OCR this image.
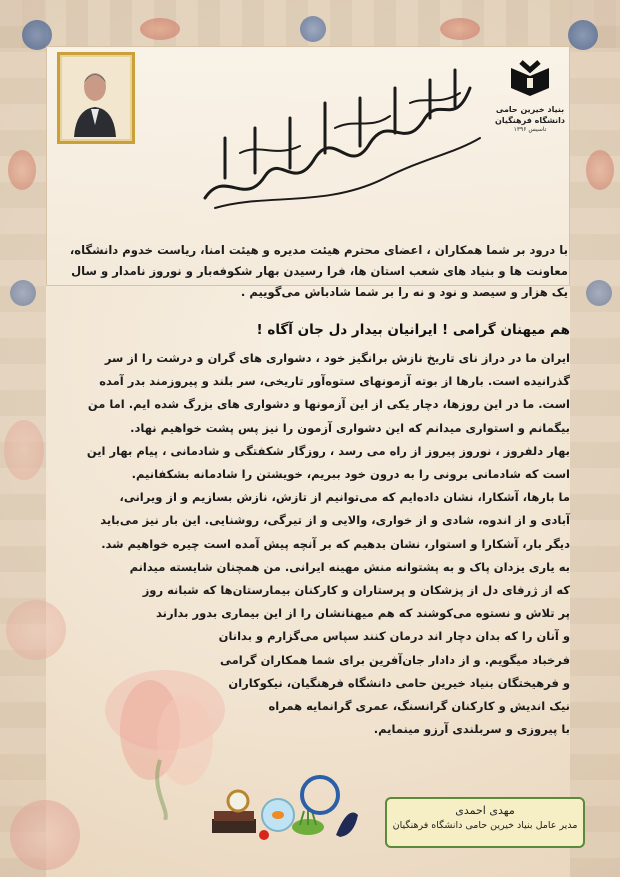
بنیاد خیرین حامی دانشگاه فرهنگیان
تاسیس ۱۳۹۶

با درود بر شما همکاران ، اعضای محترم هیئت مدیره و هیئت امنا، ریاست خدوم دانشگاه،

معاونت ها و بنیاد های شعب استان ها، فرا رسیدن بهار شکوفه‌بار و نوروز نامدار و سال

یک هزار و سیصد و نود و نه را بر شما شادباش می‌گوییم .

هم میهنان گرامی ! ایرانیان بیدار دل جان آگاه !

ایران ما در دراز نای تاریخ نازش برانگیز خود ، دشواری های گران و درشت را از سر

گذرانیده است. بارها از بوته آزمونهای ستوه‌آور تاریخی، سر بلند و پیروزمند بدر آمده

است. ما در این روزها، دچار یکی از این آزمونها و دشواری های بزرگ شده ایم. اما من

بیگمانم و استواری میدانم که این دشواری آزمون را نیز پس پشت خواهیم نهاد.

بهار دلفروز ، نوروز پیروز از راه می رسد ، روزگار شکفتگی و شادمانی ، پیام بهار این

است که شادمانی برونی را به درون خود ببریم، خویشتن را شادمانه بشکفانیم.

ما بارها، آشکارا، نشان داده‌ایم که می‌توانیم از تازش، نازش بسازیم و از ویرانی،

آبادی و از اندوه، شادی و از خواری، والایی و از تیرگی، روشنایی. این بار نیز می‌باید

دیگر بار، آشکارا و استوار، نشان بدهیم که بر آنچه پیش آمده است چیره خواهیم شد.

به یاری یزدان پاک و به پشتوانه منش مهینه ایرانی. من همچنان شایسته میدانم

که از ژرفای دل از پزشکان و پرستاران و کارکنان بیمارستان‌ها که شبانه روز

پر تلاش و نستوه می‌کوشند که هم میهنانشان را از این بیماری بدور بدارند

و آنان را که بدان دچار اند درمان کنند سپاس می‌گزارم و بدانان

فرخباد میگویم. و از دادار جان‌آفرین برای شما همکاران گرامی

و فرهیختگان بنیاد خیرین حامی دانشگاه فرهنگیان، نیکوکاران

نیک اندیش و کارکنان گرانسنگ، عمری گرانمایه همراه

با پیروزی و سربلندی آرزو مینمایم.

مهدی احمدی
مدیر عامل بنیاد خیرین حامی دانشگاه فرهنگیان
